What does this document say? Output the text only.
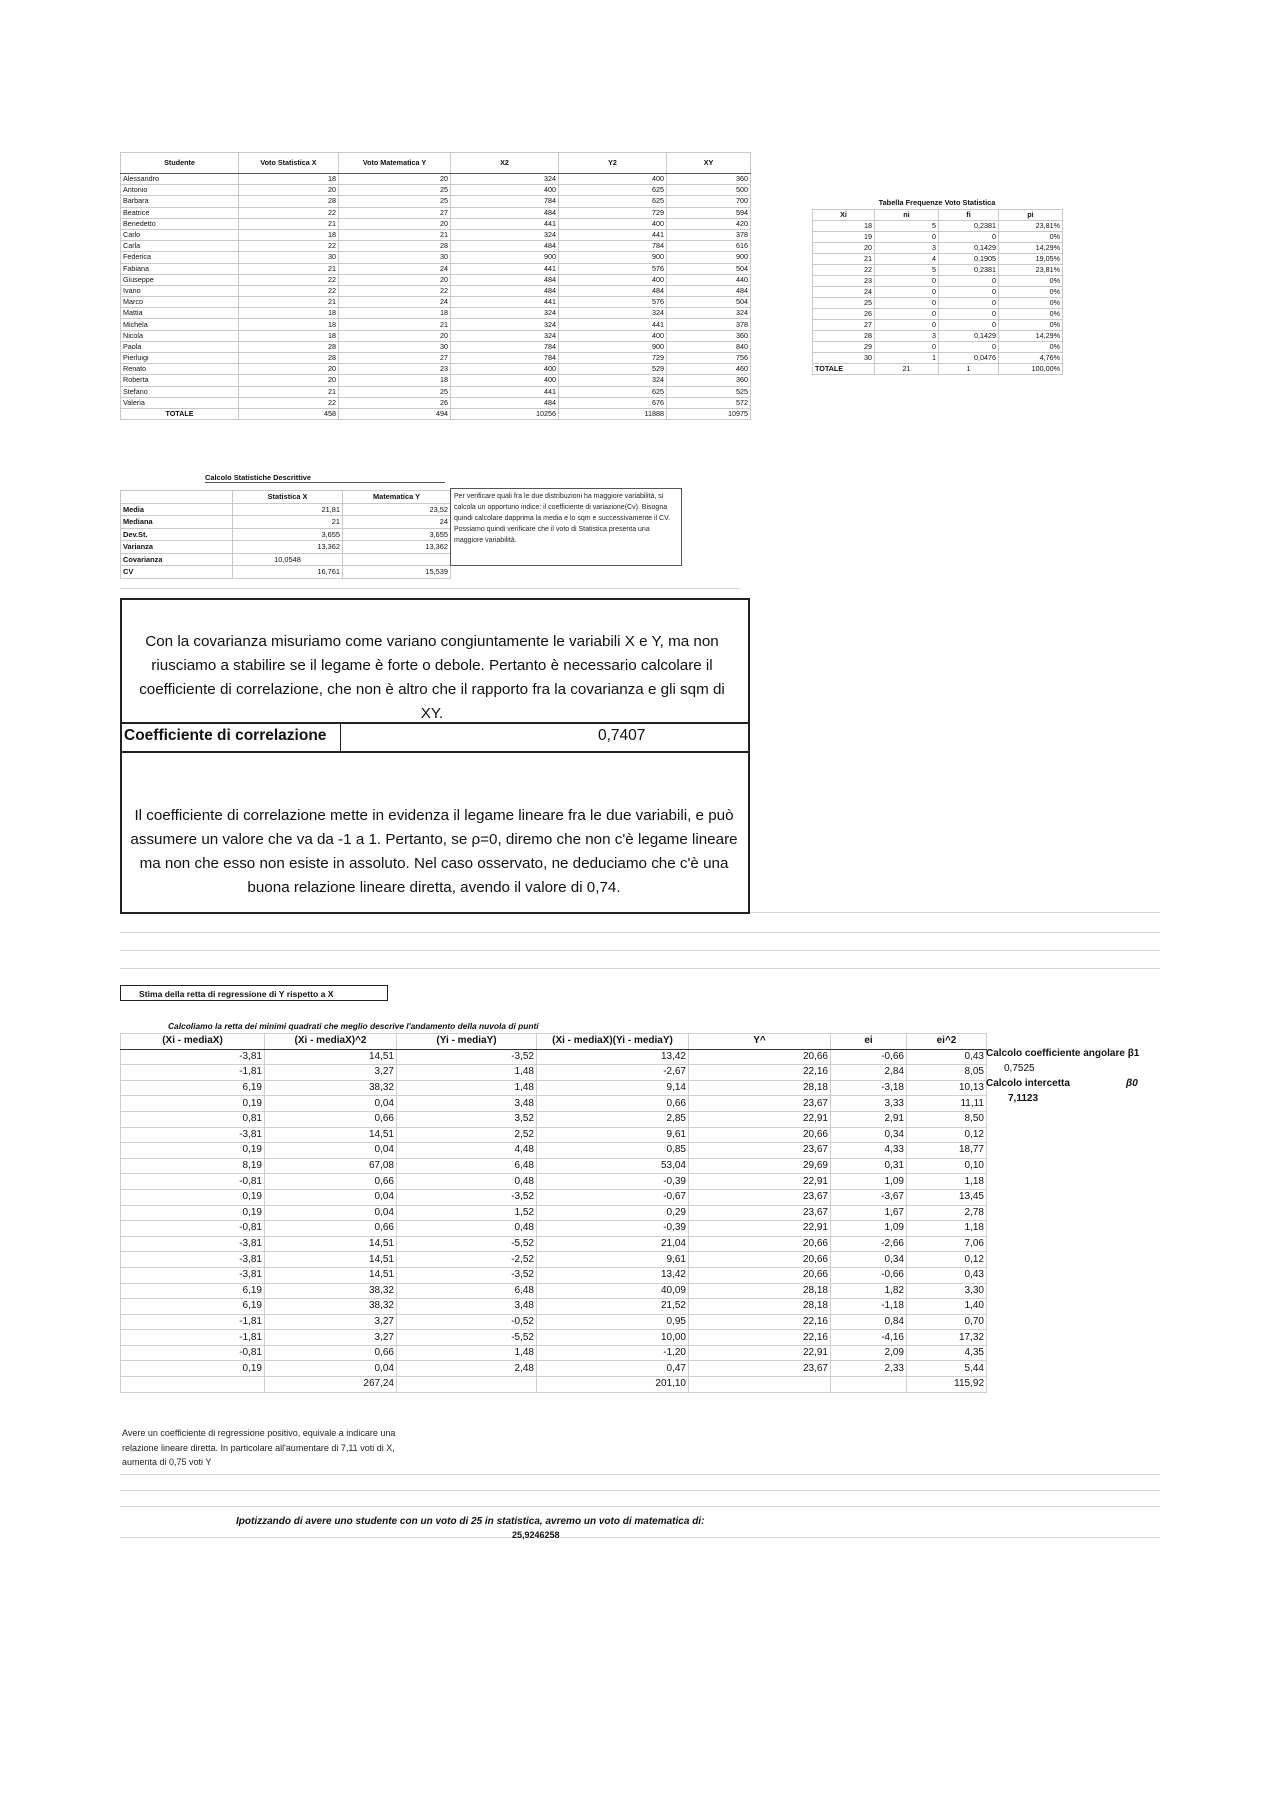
Studente	Voto Statistica X	Voto Matematica Y	X2	Y2	XY
Alessandro	18	20	324	400	360
Antonio	20	25	400	625	500
Barbara	28	25	784	625	700
Beatrice	22	27	484	729	594
Benedetto	21	20	441	400	420
Carlo	18	21	324	441	378
Carla	22	28	484	784	616
Federica	30	30	900	900	900
Fabiana	21	24	441	576	504
Giuseppe	22	20	484	400	440
Ivano	22	22	484	484	484
Marco	21	24	441	576	504
Mattia	18	18	324	324	324
Michela	18	21	324	441	378
Nicola	18	20	324	400	360
Paola	28	30	784	900	840
Pierluigi	28	27	784	729	756
Renato	20	23	400	529	460
Roberta	20	18	400	324	360
Stefano	21	25	441	625	525
Valeria	22	26	484	676	572
TOTALE	458	494	10256	11888	10975
Tabella Frequenze Voto Statistica
Xi	ni	fi	pi
18	5	0,2381	23,81%
19	0	0	0%
20	3	0,1429	14,29%
21	4	0,1905	19,05%
22	5	0,2381	23,81%
23	0	0	0%
24	0	0	0%
25	0	0	0%
26	0	0	0%
27	0	0	0%
28	3	0,1429	14,29%
29	0	0	0%
30	1	0,0476	4,76%
TOTALE	21	1	100,00%
Calcolo Statistiche Descrittive
	Statistica X	Matematica Y
Media	21,81	23,52
Mediana	21	24
Dev.St.	3,655	3,655
Varianza	13,362	13,362
Covarianza	10,0548	
CV	16,761	15,539
Per verificare quali fra le due distribuzioni ha maggiore variabilità, si calcola un opportuno indice: il coefficiente di variazione(Cv). Bisogna quindi calcolare dapprima la media e lo sqm e successivamente il CV. Possiamo quindi verificare che il voto di Statistica presenta una maggiore variabilità.
Con la covarianza misuriamo come variano congiuntamente le variabili X e Y, ma non riusciamo a stabilire se il legame è forte o debole. Pertanto è necessario calcolare il coefficiente di correlazione, che non è altro che il rapporto fra la covarianza e gli sqm di XY.
Coefficiente di correlazione	0,7407
Il coefficiente di correlazione mette in evidenza il legame lineare fra le due variabili, e può assumere un valore che va da -1 a 1. Pertanto, se ρ=0, diremo che non c'è legame lineare ma non che esso non esiste in assoluto. Nel caso osservato, ne deduciamo che c'è una buona relazione lineare diretta, avendo il valore di 0,74.
Stima della retta di regressione di Y rispetto a X
Calcoliamo la retta dei minimi quadrati che meglio descrive l'andamento della nuvola di punti
(Xi - mediaX)	(Xi - mediaX)^2	(Yi - mediaY)	(Xi - mediaX)(Yi - mediaY)	Y^	ei	ei^2
-3,81	14,51	-3,52	13,42	20,66	-0,66	0,43
-1,81	3,27	1,48	-2,67	22,16	2,84	8,05
6,19	38,32	1,48	9,14	28,18	-3,18	10,13
0,19	0,04	3,48	0,66	23,67	3,33	11,11
0,81	0,66	3,52	2,85	22,91	2,91	8,50
-3,81	14,51	2,52	9,61	20,66	0,34	0,12
0,19	0,04	4,48	0,85	23,67	4,33	18,77
8,19	67,08	6,48	53,04	29,69	0,31	0,10
-0,81	0,66	0,48	-0,39	22,91	1,09	1,18
0,19	0,04	-3,52	-0,67	23,67	-3,67	13,45
0,19	0,04	1,52	0,29	23,67	1,67	2,78
-0,81	0,66	0,48	-0,39	22,91	1,09	1,18
-3,81	14,51	-5,52	21,04	20,66	-2,66	7,06
-3,81	14,51	-2,52	9,61	20,66	0,34	0,12
-3,81	14,51	-3,52	13,42	20,66	-0,66	0,43
6,19	38,32	6,48	40,09	28,18	1,82	3,30
6,19	38,32	3,48	21,52	28,18	-1,18	1,40
-1,81	3,27	-0,52	0,95	22,16	0,84	0,70
-1,81	3,27	-5,52	10,00	22,16	-4,16	17,32
-0,81	0,66	1,48	-1,20	22,91	2,09	4,35
0,19	0,04	2,48	0,47	23,67	2,33	5,44
	267,24		201,10			115,92
Calcolo coefficiente angolare β1
0,7525
Calcolo intercetta	β0
7,1123
Avere un coefficiente di regressione positivo, equivale a indicare una relazione lineare diretta. In particolare all'aumentare di 7,11 voti di X, aumenta di 0,75 voti Y
Ipotizzando di avere uno studente con un voto di 25 in statistica, avremo un voto di matematica di:
25,9246258
